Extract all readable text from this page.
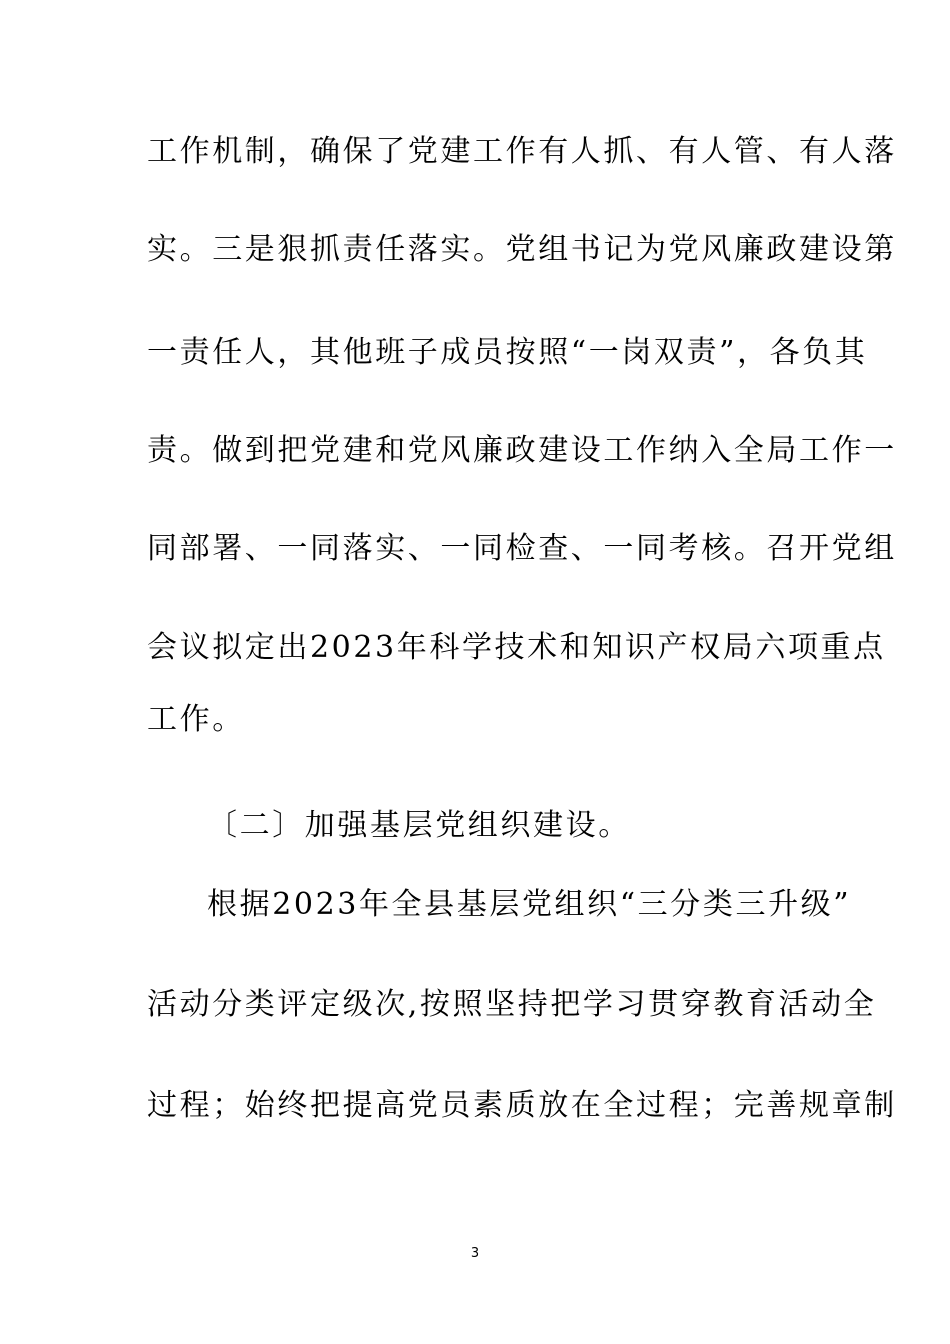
工作机制，确保了党建工作有人抓、有人管、有人落
实。三是狠抓责任落实。党组书记为党风廉政建设第
一责任人，其他班子成员按照“一岗双责”，各负其
责。做到把党建和党风廉政建设工作纳入全局工作一
同部署、一同落实、一同检查、一同考核。召开党组
会议拟定出2023年科学技术和知识产权局六项重点
工作。
〔二〕加强基层党组织建设。
根据2023年全县基层党组织“三分类三升级”
活动分类评定级次,按照坚持把学习贯穿教育活动全
过程；始终把提高党员素质放在全过程；完善规章制
3
